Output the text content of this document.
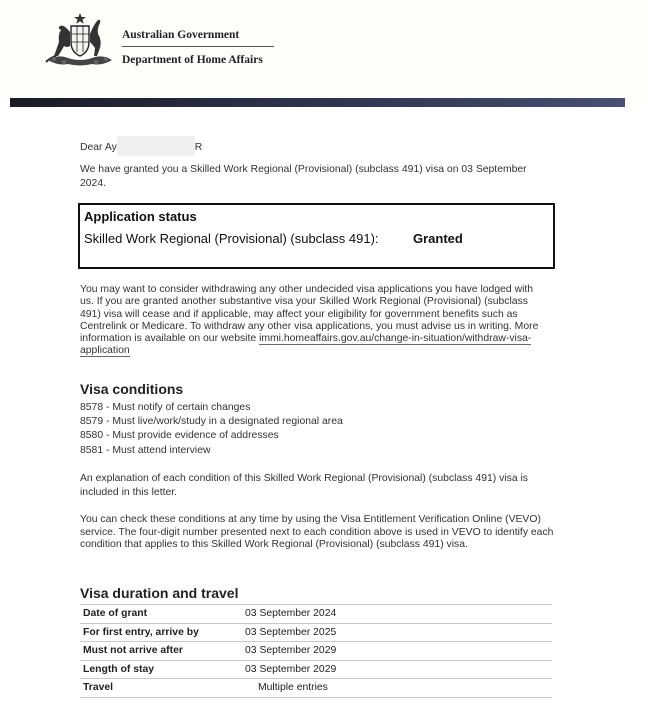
Australian Government
Department of Home Affairs
Dear Ay	R

We have granted you a Skilled Work Regional (Provisional) (subclass 491) visa on 03 September 2024.

Application status
Skilled Work Regional (Provisional) (subclass 491):	Granted

You may want to consider withdrawing any other undecided visa applications you have lodged with us. If you are granted another substantive visa your Skilled Work Regional (Provisional) (subclass 491) visa will cease and if applicable, may affect your eligibility for government benefits such as Centrelink or Medicare. To withdraw any other visa applications, you must advise us in writing. More information is available on our website immi.homeaffairs.gov.au/change-in-situation/withdraw-visa-application

Visa conditions
8578 - Must notify of certain changes
8579 - Must live/work/study in a designated regional area
8580 - Must provide evidence of addresses
8581 - Must attend interview

An explanation of each condition of this Skilled Work Regional (Provisional) (subclass 491) visa is included in this letter.

You can check these conditions at any time by using the Visa Entitlement Verification Online (VEVO) service. The four-digit number presented next to each condition above is used in VEVO to identify each condition that applies to this Skilled Work Regional (Provisional) (subclass 491) visa.

Visa duration and travel
Date of grant	03 September 2024
For first entry, arrive by	03 September 2025
Must not arrive after	03 September 2029
Length of stay	03 September 2029
Travel	Multiple entries
